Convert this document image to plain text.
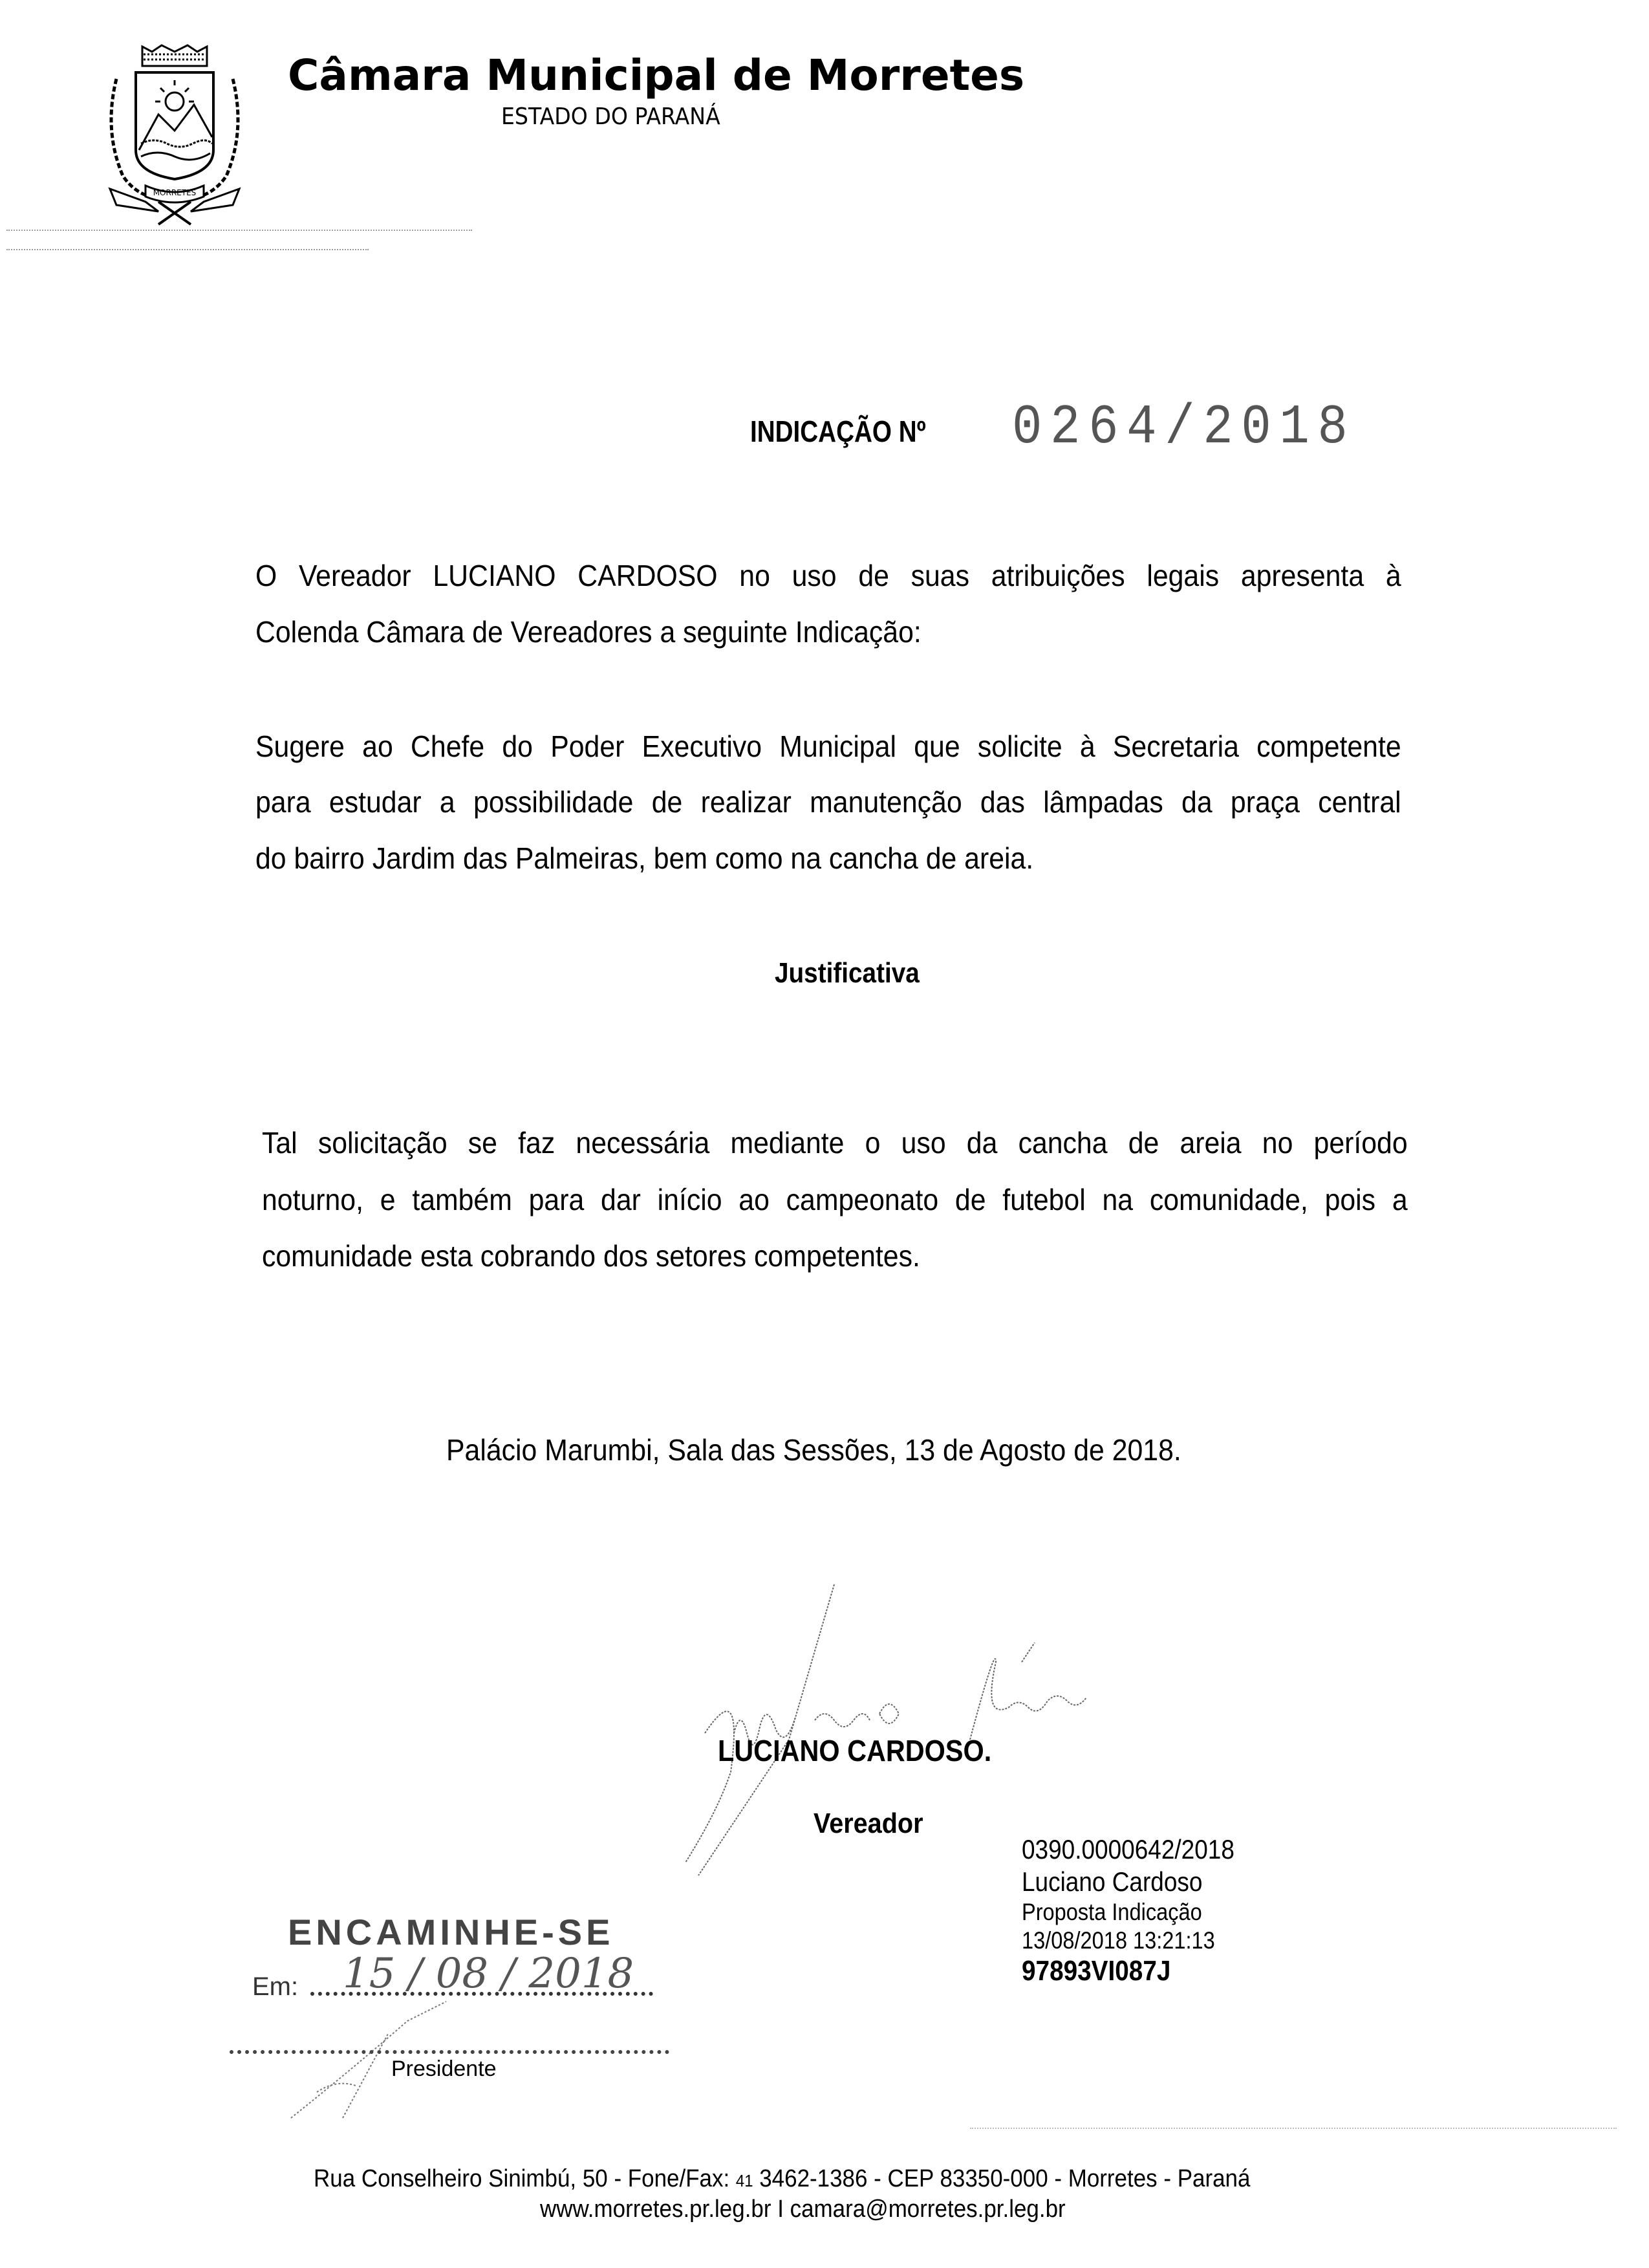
MORRETES
Câmara Municipal de Morretes
ESTADO DO PARANÁ
INDICAÇÃO Nº 0264/2018
O Vereador LUCIANO CARDOSO no uso de suas atribuições legais apresenta à
Colenda Câmara de Vereadores a seguinte Indicação:
Sugere ao Chefe do Poder Executivo Municipal que solicite à Secretaria competente
para estudar a possibilidade de realizar manutenção das lâmpadas da praça central
do bairro Jardim das Palmeiras, bem como na cancha de areia.
Justificativa
Tal solicitação se faz necessária mediante o uso da cancha de areia no período
noturno, e também para dar início ao campeonato de futebol na comunidade, pois a
comunidade esta cobrando dos setores competentes.
Palácio Marumbi, Sala das Sessões, 13 de Agosto de 2018.
LUCIANO CARDOSO.
Vereador
0390.0000642/2018
Luciano Cardoso
Proposta Indicação
13/08/2018 13:21:13
97893VI087J
ENCAMINHE-SE
Em: 15 / 08 / 2018
Presidente
Rua Conselheiro Sinimbú, 50 - Fone/Fax: 41 3462-1386 - CEP 83350-000 - Morretes - Paraná
www.morretes.pr.leg.br I camara@morretes.pr.leg.br
